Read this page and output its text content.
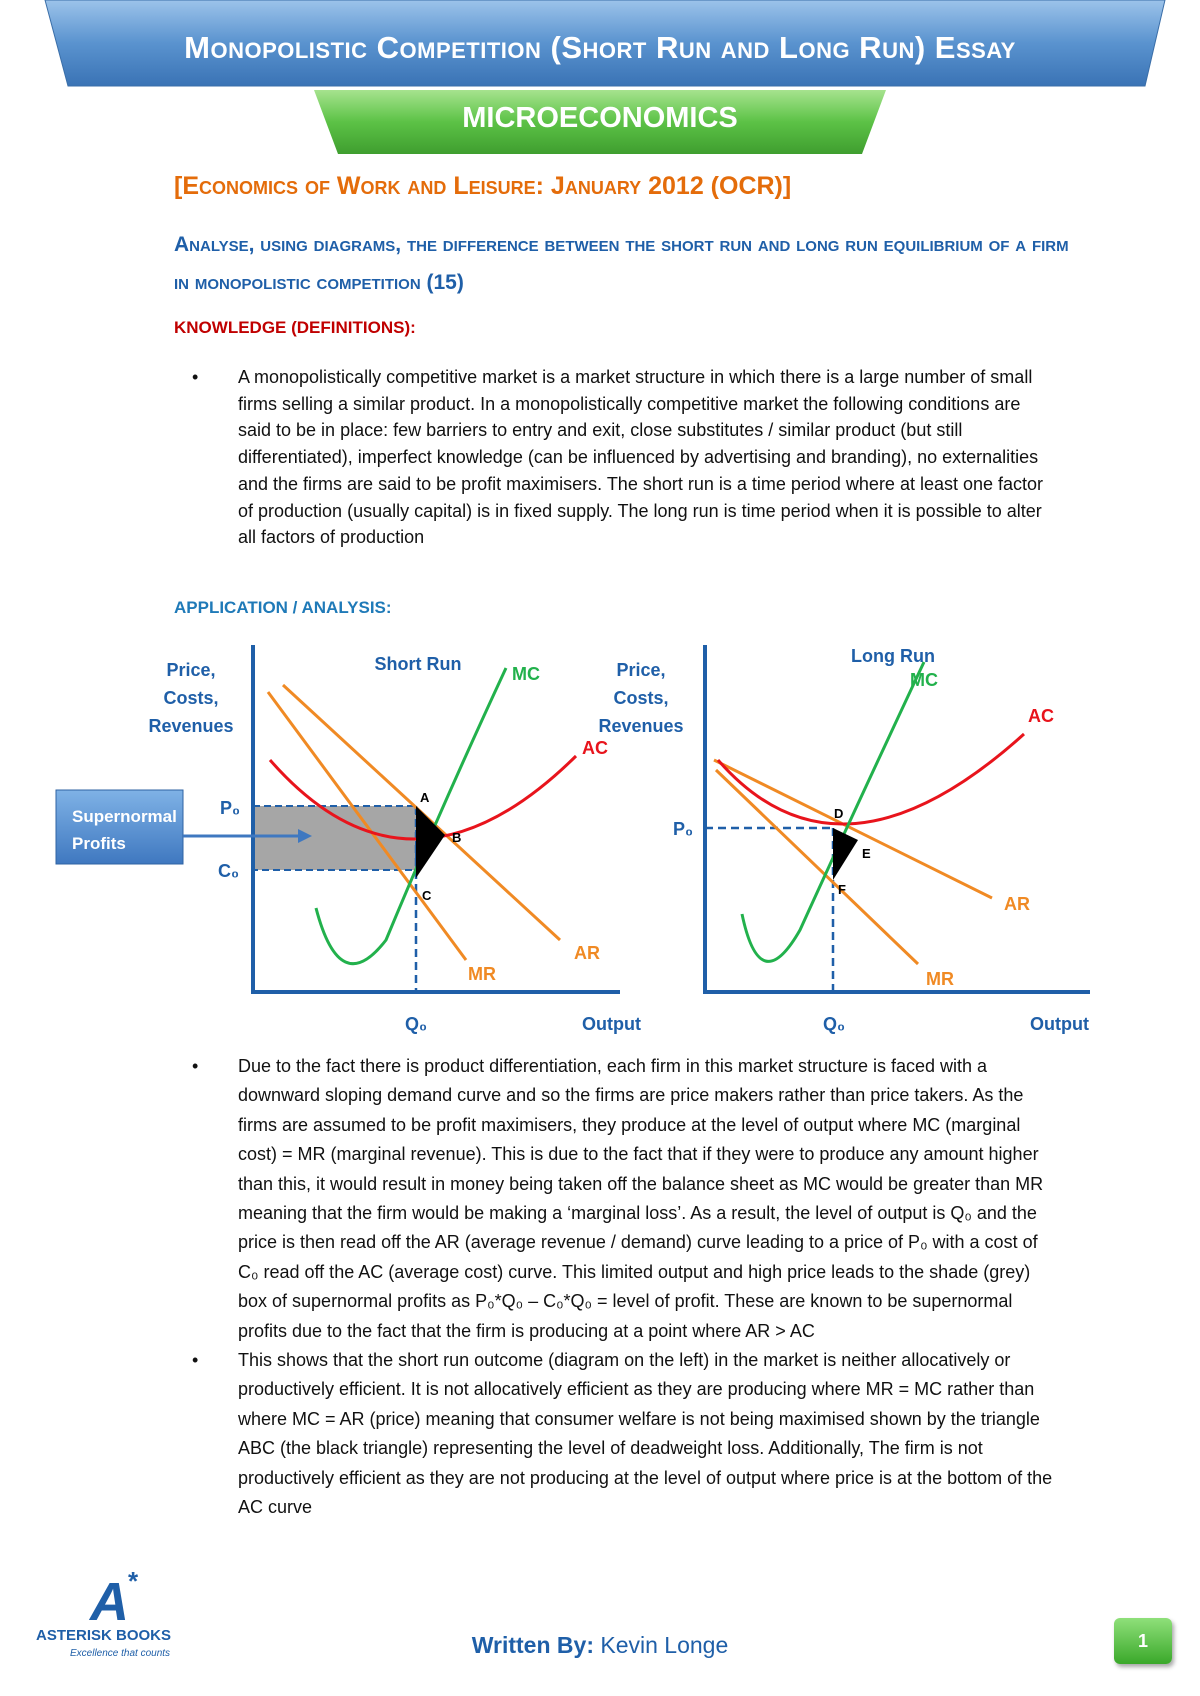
Monopolistic Competition (Short Run and Long Run) Essay
MICROECONOMICS
[Economics of Work and Leisure: January 2012 (OCR)]
Analyse, using diagrams, the difference between the short run and long run equilibrium of a firm in monopolistic competition (15)
KNOWLEDGE (DEFINITIONS):
• A monopolistically competitive market is a market structure in which there is a large number of small firms selling a similar product. In a monopolistically competitive market the following conditions are said to be in place: few barriers to entry and exit, close substitutes / similar product (but still differentiated), imperfect knowledge (can be influenced by advertising and branding), no externalities and the firms are said to be profit maximisers. The short run is a time period where at least one factor of production (usually capital) is in fixed supply. The long run is time period when it is possible to alter all factors of production
APPLICATION / ANALYSIS:
Short Run
Price,
Costs,
Revenues
MC
AC
AR
MR
P₀
C₀
Q₀	Output
A
B
C
Supernormal
Profits
Long Run
Price,
Costs,
Revenues
MC
AC
AR
MR
P₀
Q₀	Output
D
E
F
• Due to the fact there is product differentiation, each firm in this market structure is faced with a downward sloping demand curve and so the firms are price makers rather than price takers. As the firms are assumed to be profit maximisers, they produce at the level of output where MC (marginal cost) = MR (marginal revenue). This is due to the fact that if they were to produce any amount higher than this, it would result in money being taken off the balance sheet as MC would be greater than MR meaning that the firm would be making a ‘marginal loss’. As a result, the level of output is Q₀ and the price is then read off the AR (average revenue / demand) curve leading to a price of P₀ with a cost of C₀ read off the AC (average cost) curve. This limited output and high price leads to the shade (grey) box of supernormal profits as P₀*Q₀ – C₀*Q₀ = level of profit. These are known to be supernormal profits due to the fact that the firm is producing at a point where AR > AC
• This shows that the short run outcome (diagram on the left) in the market is neither allocatively or productively efficient. It is not allocatively efficient as they are producing where MR = MC rather than where MC = AR (price) meaning that consumer welfare is not being maximised shown by the triangle ABC (the black triangle) representing the level of deadweight loss. Additionally, The firm is not productively efficient as they are not producing at the level of output where price is at the bottom of the AC curve
A *
ASTERISK BOOKS
Excellence that counts	Written By: Kevin Longe	1
